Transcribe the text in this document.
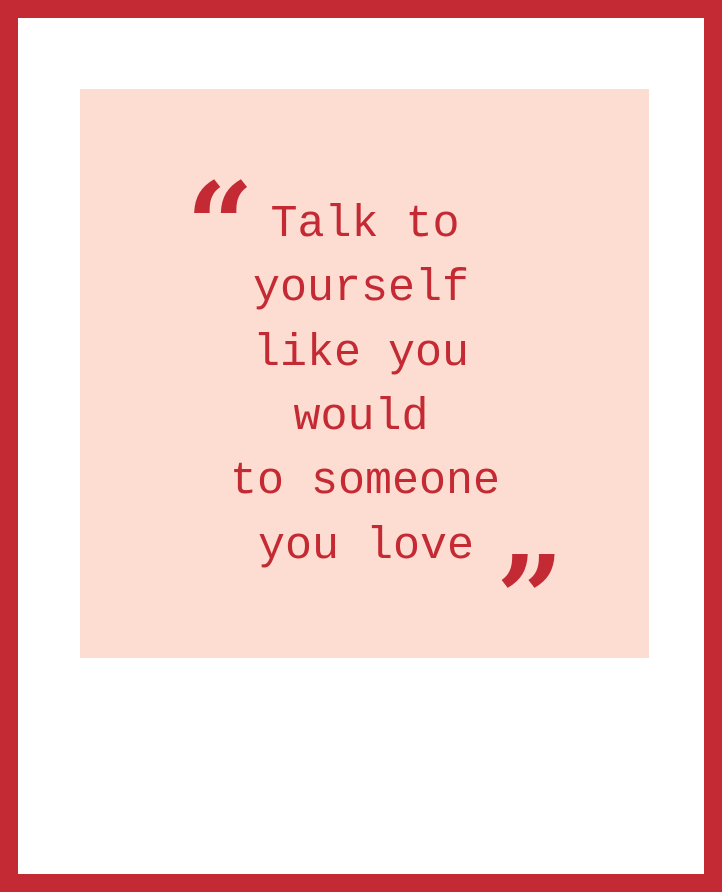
“ Talk to
yourself
like you
would
to someone
you love ”
